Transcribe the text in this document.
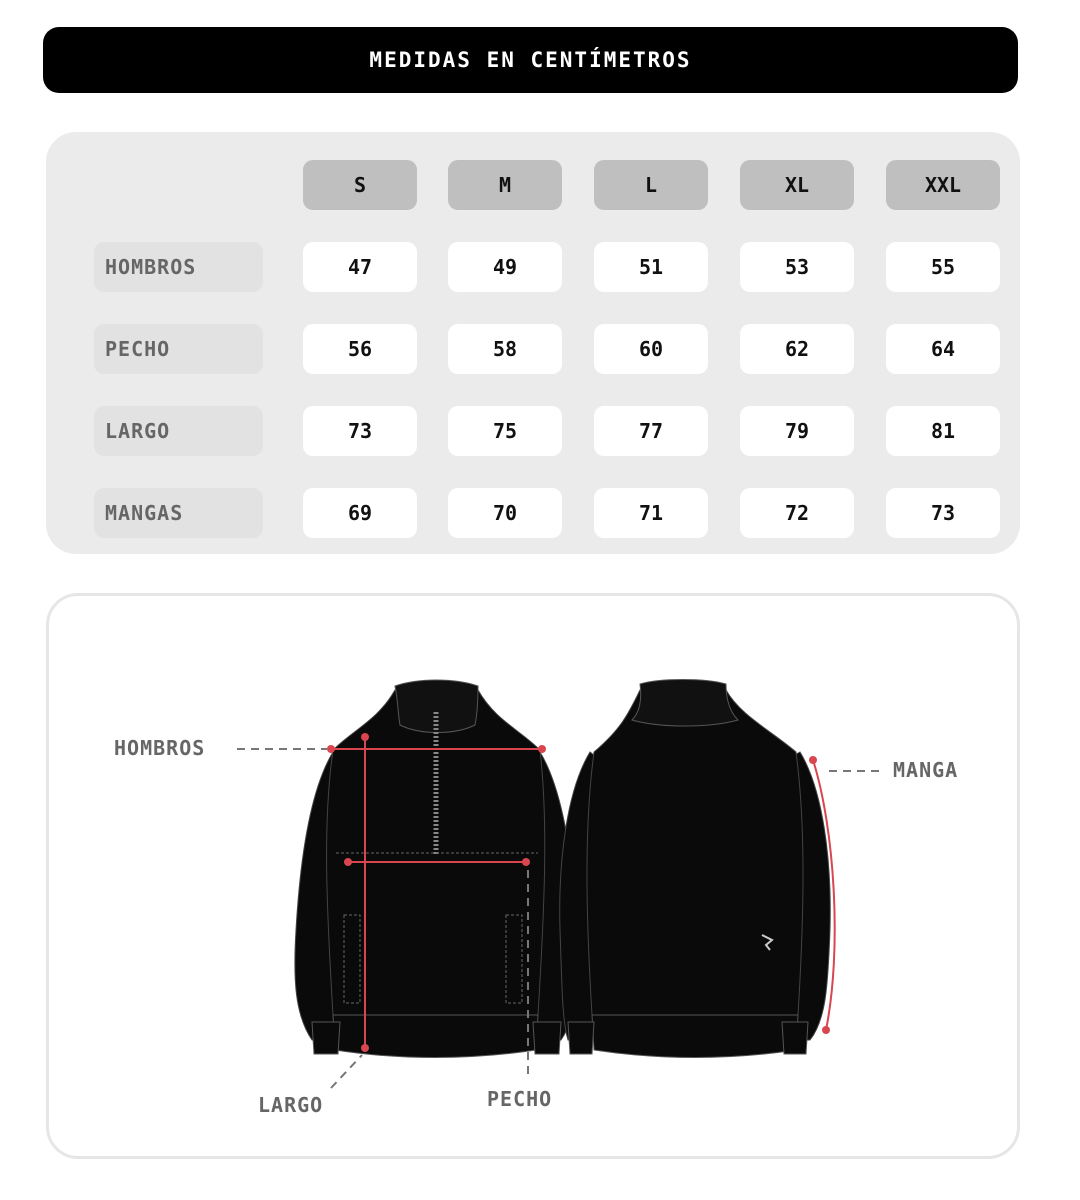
MEDIDAS EN CENTÍMETROS
S	M	L	XL	XXL
HOMBROS	47	49	51	53	55
PECHO	56	58	60	62	64
LARGO	73	75	77	79	81
MANGAS	69	70	71	72	73
HOMBROS
MANGA
LARGO	PECHO
